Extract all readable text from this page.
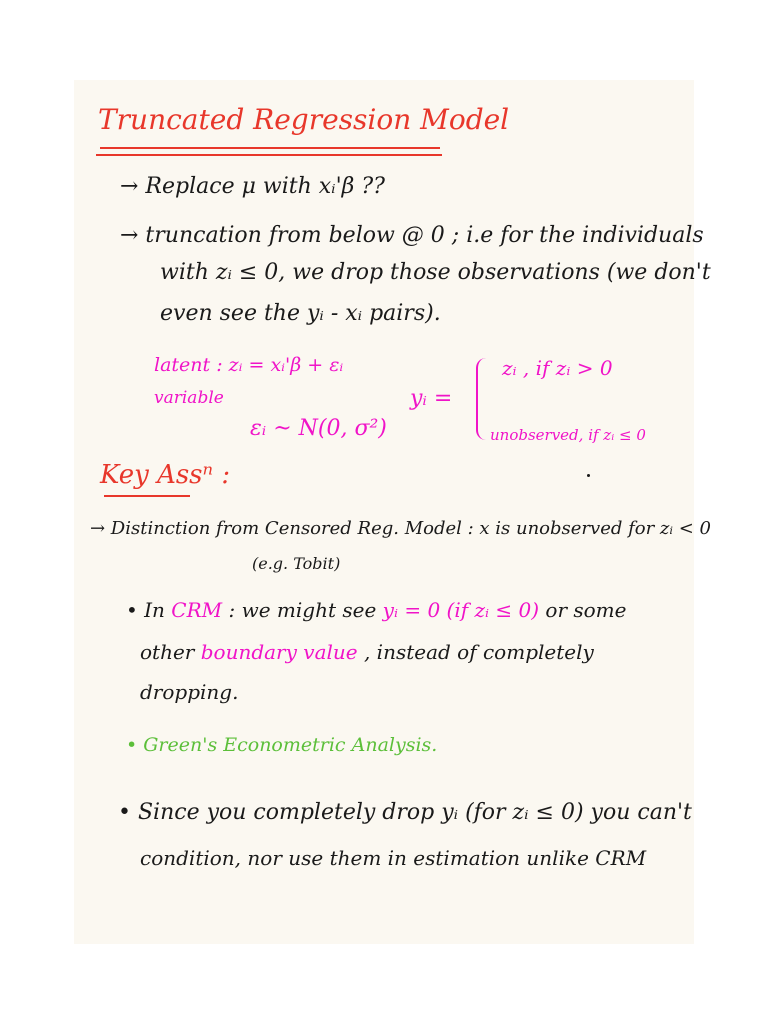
Truncated Regression Model
→ Replace μ with xᵢ'β ??
→ truncation from below @ 0 ; i.e for the individuals
with zᵢ ≤ 0, we drop those observations (we don't
even see the yᵢ - xᵢ pairs).
latent : zᵢ = xᵢ'β + εᵢ
variable
εᵢ ~ N(0, σ²)
yᵢ =
zᵢ , if zᵢ > 0
unobserved, if zᵢ ≤ 0
Key Assⁿ :
→ Distinction from Censored Reg. Model : x is unobserved for zᵢ < 0
(e.g. Tobit)
• In CRM : we might see yᵢ = 0 (if zᵢ ≤ 0) or some
other boundary value , instead of completely
dropping.
• Green's Econometric Analysis.
• Since you completely drop yᵢ (for zᵢ ≤ 0) you can't
condition, nor use them in estimation unlike CRM
